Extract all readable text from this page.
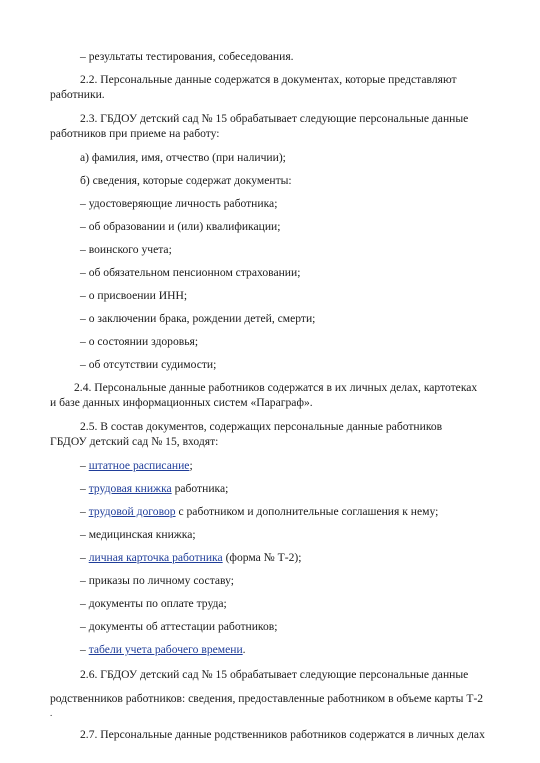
– результаты тестирования, собеседования.
2.2. Персональные данные содержатся в документах, которые представляют работники.
2.3. ГБДОУ детский сад № 15 обрабатывает следующие персональные данные работников при приеме на работу:
а) фамилия, имя, отчество (при наличии);
б) сведения, которые содержат документы:
– удостоверяющие личность работника;
– об образовании и (или) квалификации;
– воинского учета;
– об обязательном пенсионном страховании;
– о присвоении ИНН;
– о заключении брака, рождении детей, смерти;
– о состоянии здоровья;
– об отсутствии судимости;
2.4. Персональные данные работников содержатся в их личных делах, картотеках и базе данных информационных систем «Параграф».
2.5. В состав документов, содержащих персональные данные работников ГБДОУ детский сад № 15, входят:
– штатное расписание;
– трудовая книжка работника;
– трудовой договор с работником и дополнительные соглашения к нему;
– медицинская книжка;
– личная карточка работника (форма № Т-2);
– приказы по личному составу;
– документы по оплате труда;
– документы об аттестации работников;
– табели учета рабочего времени.
2.6. ГБДОУ детский сад № 15 обрабатывает следующие персональные данные
родственников работников: сведения, предоставленные работником в объеме карты Т-2
.
2.7. Персональные данные родственников работников содержатся в личных делах
